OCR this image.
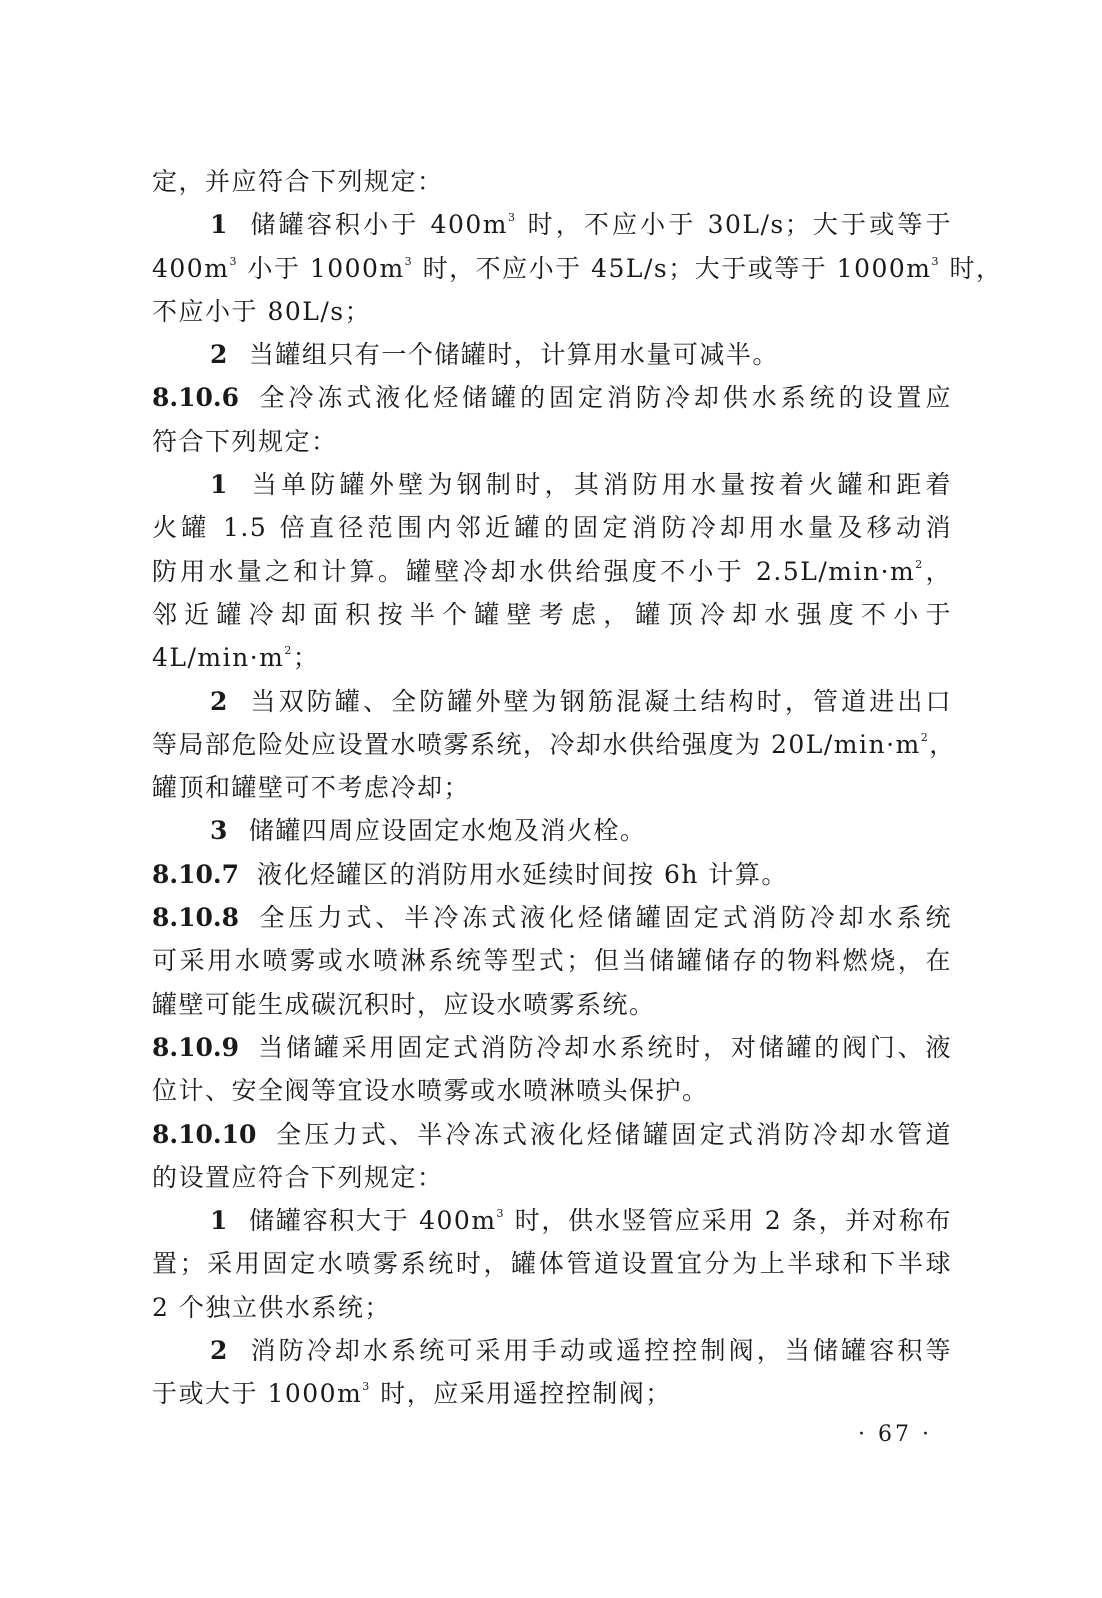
定，并应符合下列规定：
1 储罐容积小于 $400m^3$ 时，不应小于 30L/s；大于或等于
$400m^3$ 小于 $1000m^3$ 时，不应小于 45L/s；大于或等于 $1000m^3$ 时，
不应小于 80L/s；
2 当罐组只有一个储罐时，计算用水量可减半。
8.10.6 全冷冻式液化烃储罐的固定消防冷却供水系统的设置应
符合下列规定：
1 当单防罐外壁为钢制时，其消防用水量按着火罐和距着
火罐 1.5 倍直径范围内邻近罐的固定消防冷却用水量及移动消
防用水量之和计算。罐壁冷却水供给强度不小于 $2.5L/\min\cdot m^2$，
邻近罐冷却面积按半个罐壁考虑，罐顶冷却水强度不小于
$4L/\min\cdot m^2$；
2 当双防罐、全防罐外壁为钢筋混凝土结构时，管道进出口
等局部危险处应设置水喷雾系统，冷却水供给强度为 $20L/\min\cdot m^2$，
罐顶和罐壁可不考虑冷却；
3 储罐四周应设固定水炮及消火栓。
8.10.7 液化烃罐区的消防用水延续时间按 6h 计算。
8.10.8 全压力式、半冷冻式液化烃储罐固定式消防冷却水系统
可采用水喷雾或水喷淋系统等型式；但当储罐储存的物料燃烧，在
罐壁可能生成碳沉积时，应设水喷雾系统。
8.10.9 当储罐采用固定式消防冷却水系统时，对储罐的阀门、液
位计、安全阀等宜设水喷雾或水喷淋喷头保护。
8.10.10 全压力式、半冷冻式液化烃储罐固定式消防冷却水管道
的设置应符合下列规定：
1 储罐容积大于 $400m^3$ 时，供水竖管应采用 2 条，并对称布
置；采用固定水喷雾系统时，罐体管道设置宜分为上半球和下半球
2 个独立供水系统；
2 消防冷却水系统可采用手动或遥控控制阀，当储罐容积等
于或大于 $1000m^3$ 时，应采用遥控控制阀；
· 67 ·
